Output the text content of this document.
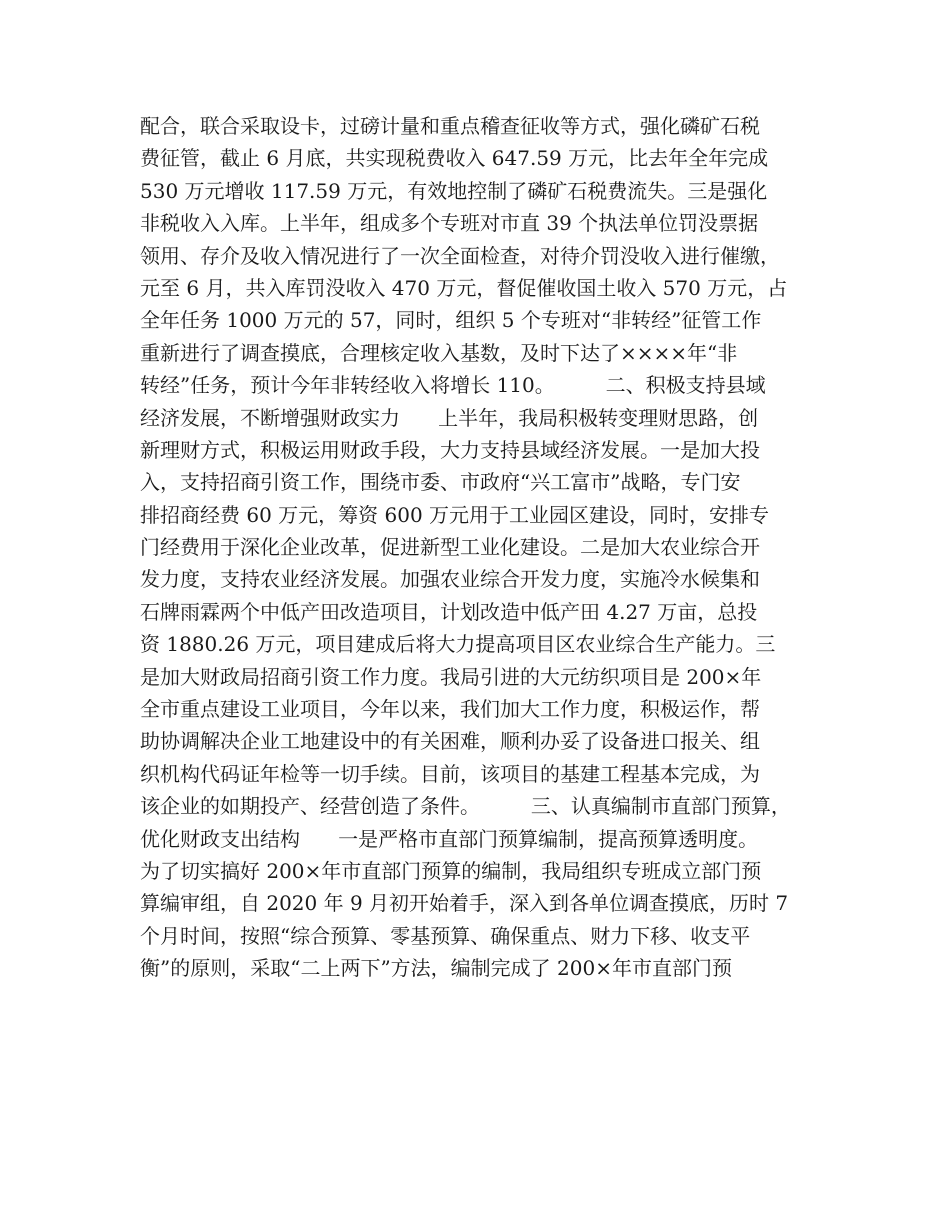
配合，联合采取设卡，过磅计量和重点稽查征收等方式，强化磷矿石税
费征管，截止 6 月底，共实现税费收入 647.59 万元，比去年全年完成
530 万元增收 117.59 万元，有效地控制了磷矿石税费流失。三是强化
非税收入入库。上半年，组成多个专班对市直 39 个执法单位罚没票据
领用、存介及收入情况进行了一次全面检查，对待介罚没收入进行催缴，
元至 6 月，共入库罚没收入 470 万元，督促催收国土收入 570 万元，占
全年任务 1000 万元的 57，同时，组织 5 个专班对“非转经”征管工作
重新进行了调查摸底，合理核定收入基数，及时下达了××××年“非
转经”任务，预计今年非转经收入将增长 110。        二、积极支持县域
经济发展，不断增强财政实力      上半年，我局积极转变理财思路，创
新理财方式，积极运用财政手段，大力支持县域经济发展。一是加大投
入，支持招商引资工作，围绕市委、市政府“兴工富市”战略，专门安
排招商经费 60 万元，筹资 600 万元用于工业园区建设，同时，安排专
门经费用于深化企业改革，促进新型工业化建设。二是加大农业综合开
发力度，支持农业经济发展。加强农业综合开发力度，实施冷水候集和
石牌雨霖两个中低产田改造项目，计划改造中低产田 4.27 万亩，总投
资 1880.26 万元，项目建成后将大力提高项目区农业综合生产能力。三
是加大财政局招商引资工作力度。我局引进的大元纺织项目是 200×年
全市重点建设工业项目，今年以来，我们加大工作力度，积极运作，帮
助协调解决企业工地建设中的有关困难，顺利办妥了设备进口报关、组
织机构代码证年检等一切手续。目前，该项目的基建工程基本完成，为
该企业的如期投产、经营创造了条件。        三、认真编制市直部门预算，
优化财政支出结构      一是严格市直部门预算编制，提高预算透明度。
为了切实搞好 200×年市直部门预算的编制，我局组织专班成立部门预
算编审组，自 2020 年 9 月初开始着手，深入到各单位调查摸底，历时 7
个月时间，按照“综合预算、零基预算、确保重点、财力下移、收支平
衡”的原则，采取“二上两下”方法，编制完成了 200×年市直部门预
